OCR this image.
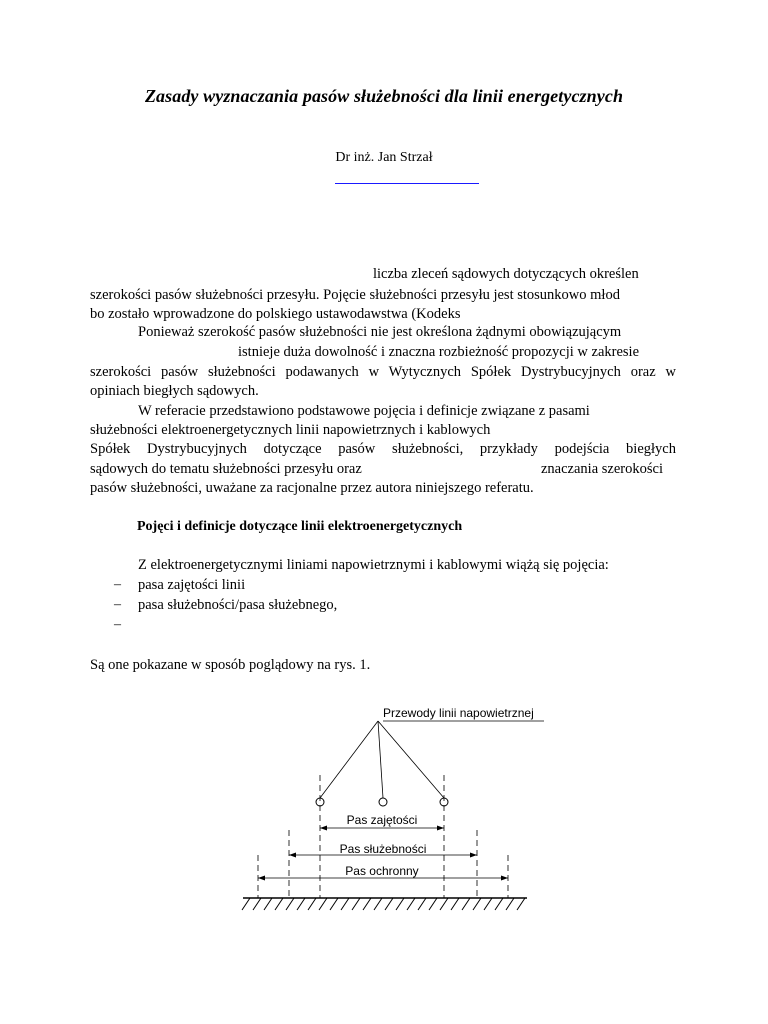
Zasady wyznaczania pasów służebności dla linii energetycznych
Dr inż. Jan Strzał
liczba zleceń sądowych dotyczących określen
szerokości pasów służebności przesyłu. Pojęcie służebności przesyłu jest stosunkowo młod
bo zostało wprowadzone do polskiego ustawodawstwa (Kodeks
Ponieważ szerokość pasów służebności nie jest określona żądnymi obowiązującym
istnieje duża dowolność i znaczna rozbieżność propozycji w zakresie
szerokości pasów służebności podawanych w Wytycznych Spółek Dystrybucyjnych oraz w
opiniach biegłych sądowych.
W referacie przedstawiono podstawowe pojęcia i definicje związane z pasami
służebności elektroenergetycznych linii napowietrznych i kablowych
Spółek Dystrybucyjnych dotyczące pasów służebności, przykłady podejścia biegłych
sądowych do tematu służebności przesyłu oraz	znaczania szerokości
pasów służebności, uważane za racjonalne przez autora niniejszego referatu.
Pojęci i definicje dotyczące linii elektroenergetycznych
Z elektroenergetycznymi liniami napowietrznymi i kablowymi wiążą się pojęcia:
– pasa zajętości linii
– pasa służebności/pasa służebnego,
–
Są one pokazane w sposób poglądowy na rys. 1.
Przewody linii napowietrznej
Pas zajętości
Pas służebności
Pas ochronny
